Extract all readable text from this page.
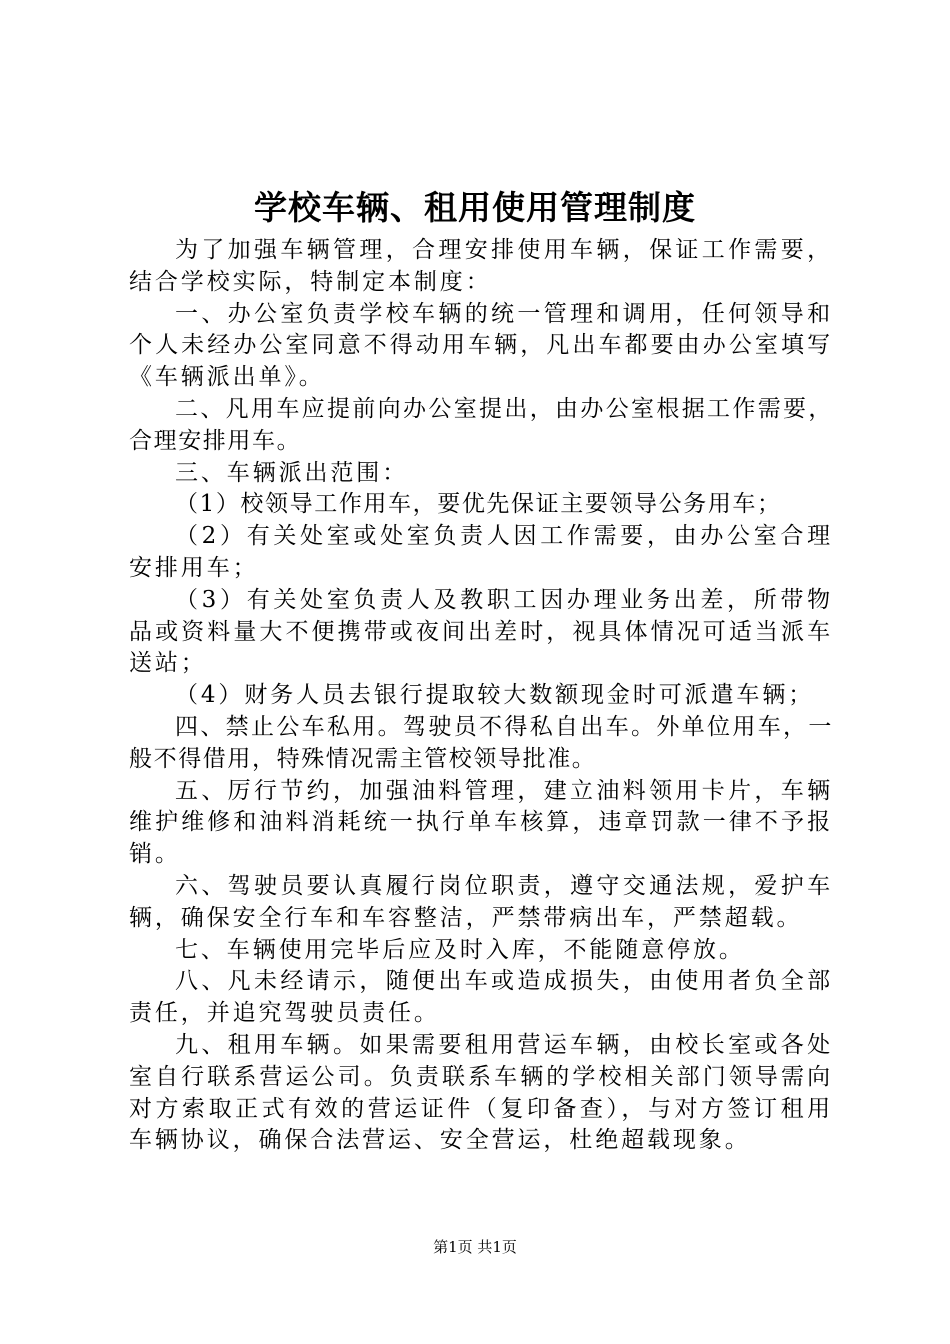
学校车辆、租用使用管理制度

为了加强车辆管理，合理安排使用车辆，保证工作需要，结合学校实际，特制定本制度：

一、办公室负责学校车辆的统一管理和调用，任何领导和个人未经办公室同意不得动用车辆，凡出车都要由办公室填写《车辆派出单》。

二、凡用车应提前向办公室提出，由办公室根据工作需要，合理安排用车。

三、车辆派出范围：

（1）校领导工作用车，要优先保证主要领导公务用车；

（2）有关处室或处室负责人因工作需要，由办公室合理安排用车；

（3）有关处室负责人及教职工因办理业务出差，所带物品或资料量大不便携带或夜间出差时，视具体情况可适当派车送站；

（4）财务人员去银行提取较大数额现金时可派遣车辆；

四、禁止公车私用。驾驶员不得私自出车。外单位用车，一般不得借用，特殊情况需主管校领导批准。

五、厉行节约，加强油料管理，建立油料领用卡片，车辆维护维修和油料消耗统一执行单车核算，违章罚款一律不予报销。

六、驾驶员要认真履行岗位职责，遵守交通法规，爱护车辆，确保安全行车和车容整洁，严禁带病出车，严禁超载。

七、车辆使用完毕后应及时入库，不能随意停放。

八、凡未经请示，随便出车或造成损失，由使用者负全部责任，并追究驾驶员责任。

九、租用车辆。如果需要租用营运车辆，由校长室或各处室自行联系营运公司。负责联系车辆的学校相关部门领导需向对方索取正式有效的营运证件（复印备查），与对方签订租用车辆协议，确保合法营运、安全营运，杜绝超载现象。

第1页 共1页
